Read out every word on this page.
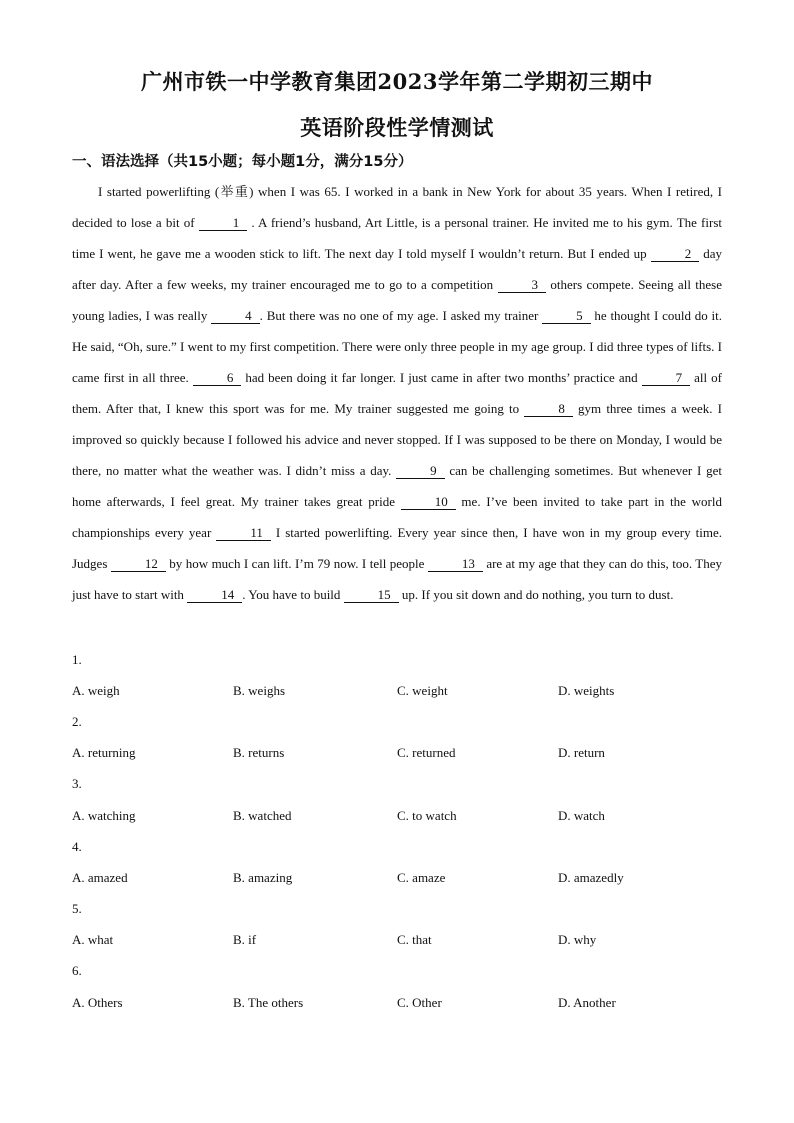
广州市铁一中学教育集团2023学年第二学期初三期中
英语阶段性学情测试
一、语法选择（共15小题；每小题1分，满分15分）

I started powerlifting (举重) when I was 65. I worked in a bank in New York for about 35 years. When I retired, I decided to lose a bit of	1 . A friend’s husband, Art Little, is a personal trainer. He invited me to his gym. The first time I went, he gave me a wooden stick to lift. The next day I told myself I wouldn’t return. But I ended up	2 day after day. After a few weeks, my trainer encouraged me to go to a competition	3 others compete. Seeing all these young ladies, I was really	4 . But there was no one of my age. I asked my trainer	5 he thought I could do it. He said, “Oh, sure.” I went to my first competition. There were only three people in my age group. I did three types of lifts. I came first in all three.	6 had been doing it far longer. I just came in after two months’ practice and	7 all of them. After that, I knew this sport was for me. My trainer suggested me going to	8 gym three times a week. I improved so quickly because I followed his advice and never stopped. If I was supposed to be there on Monday, I would be there, no matter what the weather was. I didn’t miss a day.	9 can be challenging sometimes. But whenever I get home afterwards, I feel great. My trainer takes great pride	10 me. I’ve been invited to take part in the world championships every year	11 I started powerlifting. Every year since then, I have won in my group every time. Judges	12 by how much I can lift. I’m 79 now. I tell people	13 are at my age that they can do this, too. They just have to start with	14 . You have to build	15 up. If you sit down and do nothing, you turn to dust.

1.
A. weigh	B. weighs	C. weight	D. weights
2.
A. returning	B. returns	C. returned	D. return
3.
A. watching	B. watched	C. to watch	D. watch
4.
A. amazed	B. amazing	C. amaze	D. amazedly
5.
A. what	B. if	C. that	D. why
6.
A. Others	B. The others	C. Other	D. Another
